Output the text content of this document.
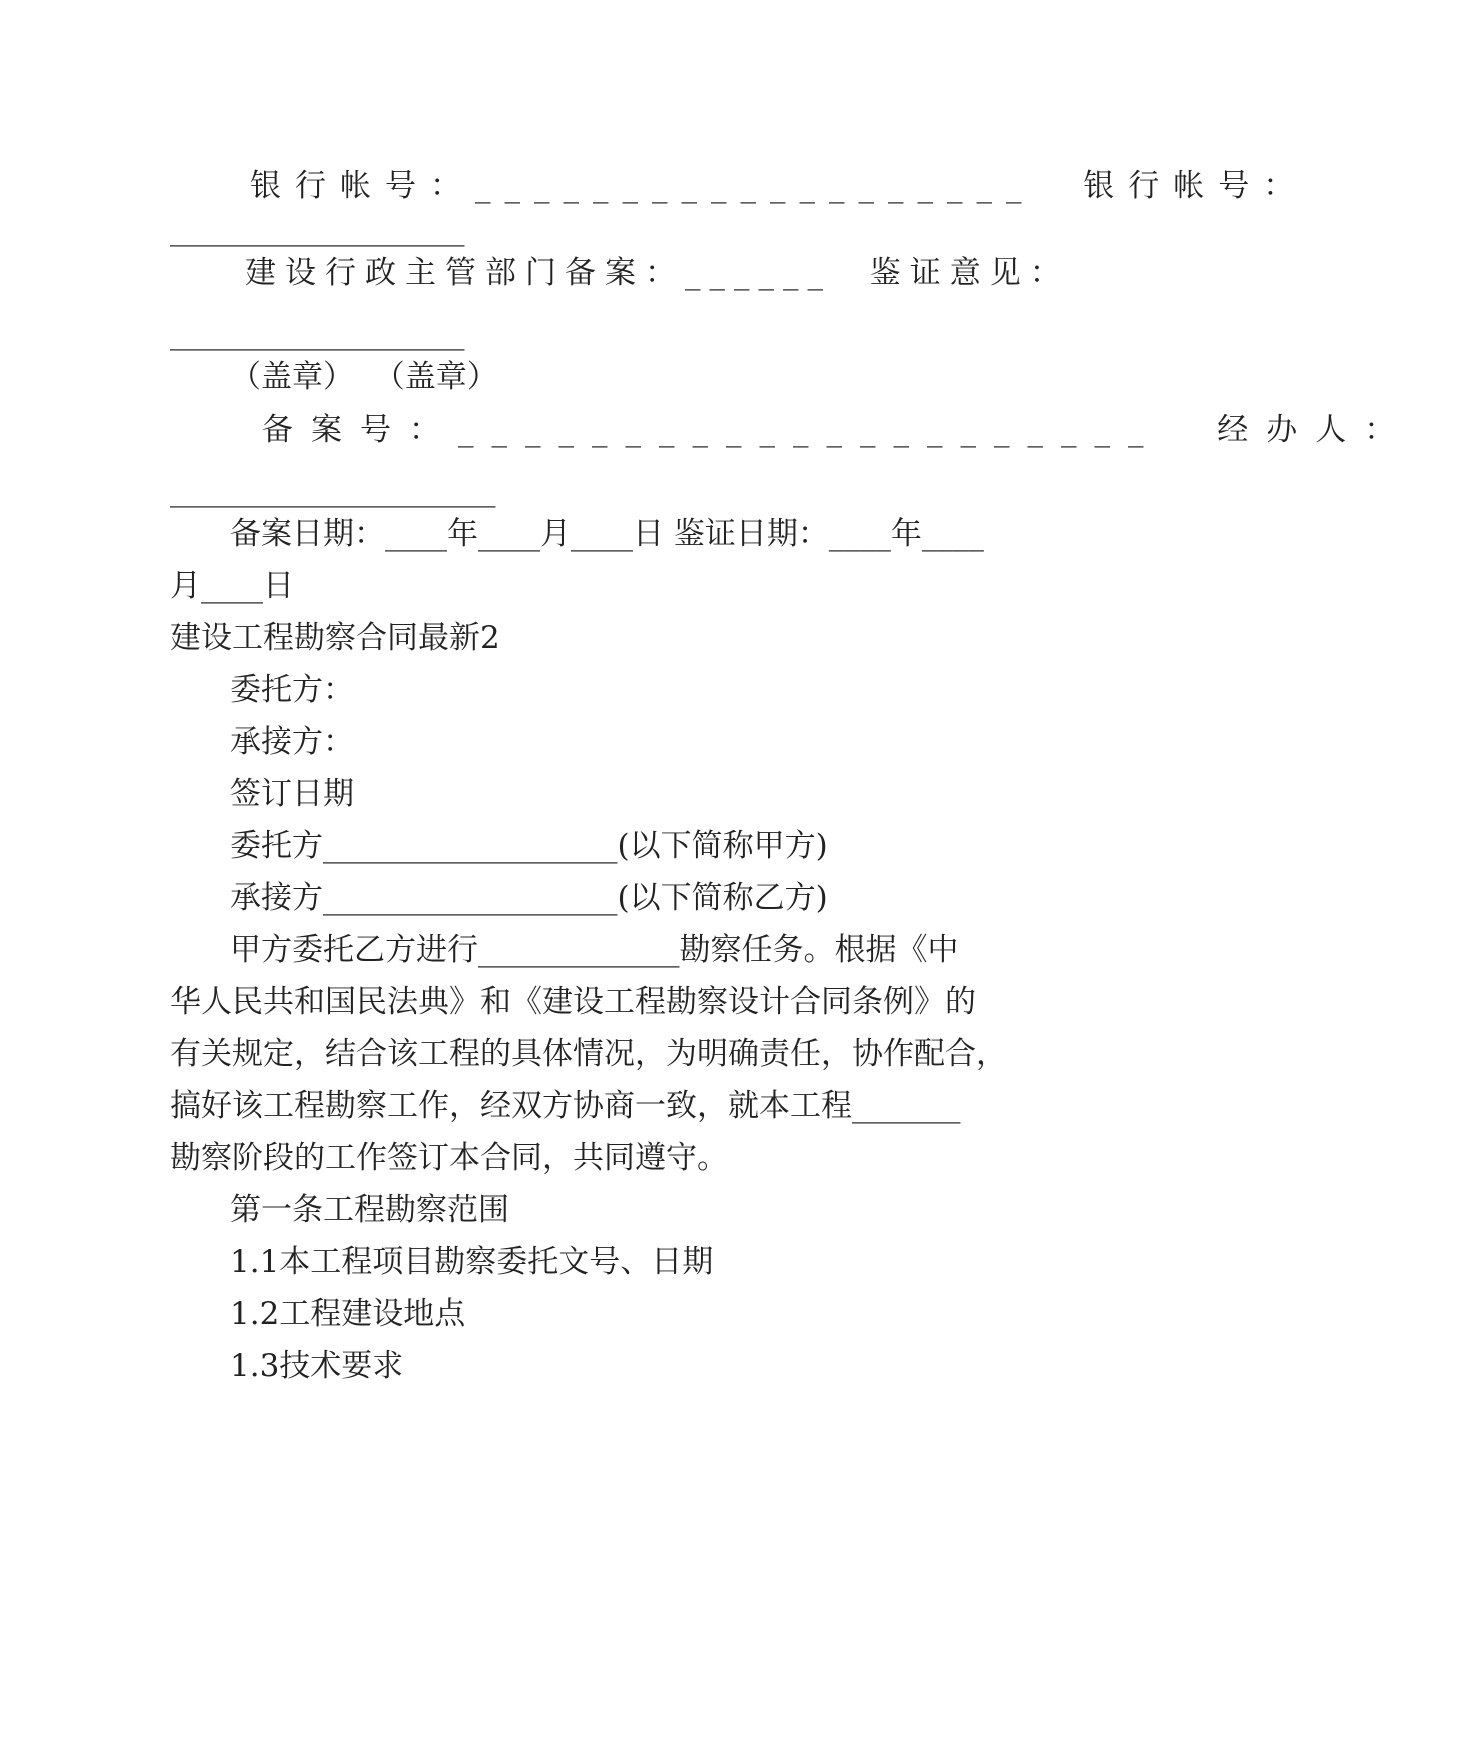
银行帐号：___________________  银行帐号：
___________________
建设行政主管部门备案：______  鉴证意见：
___________________
（盖章）  （盖章）
备案号：_____________________  经办人：
_____________________
备案日期：____年____月____日 鉴证日期：____年____
月____日
建设工程勘察合同最新2
委托方：
承接方：
签订日期
委托方___________________(以下简称甲方)
承接方___________________(以下简称乙方)
甲方委托乙方进行_____________勘察任务。根据《中
华人民共和国民法典》和《建设工程勘察设计合同条例》的
有关规定，结合该工程的具体情况，为明确责任，协作配合，
搞好该工程勘察工作，经双方协商一致，就本工程_______
勘察阶段的工作签订本合同，共同遵守。
第一条工程勘察范围
1.1本工程项目勘察委托文号、日期
1.2工程建设地点
1.3技术要求
